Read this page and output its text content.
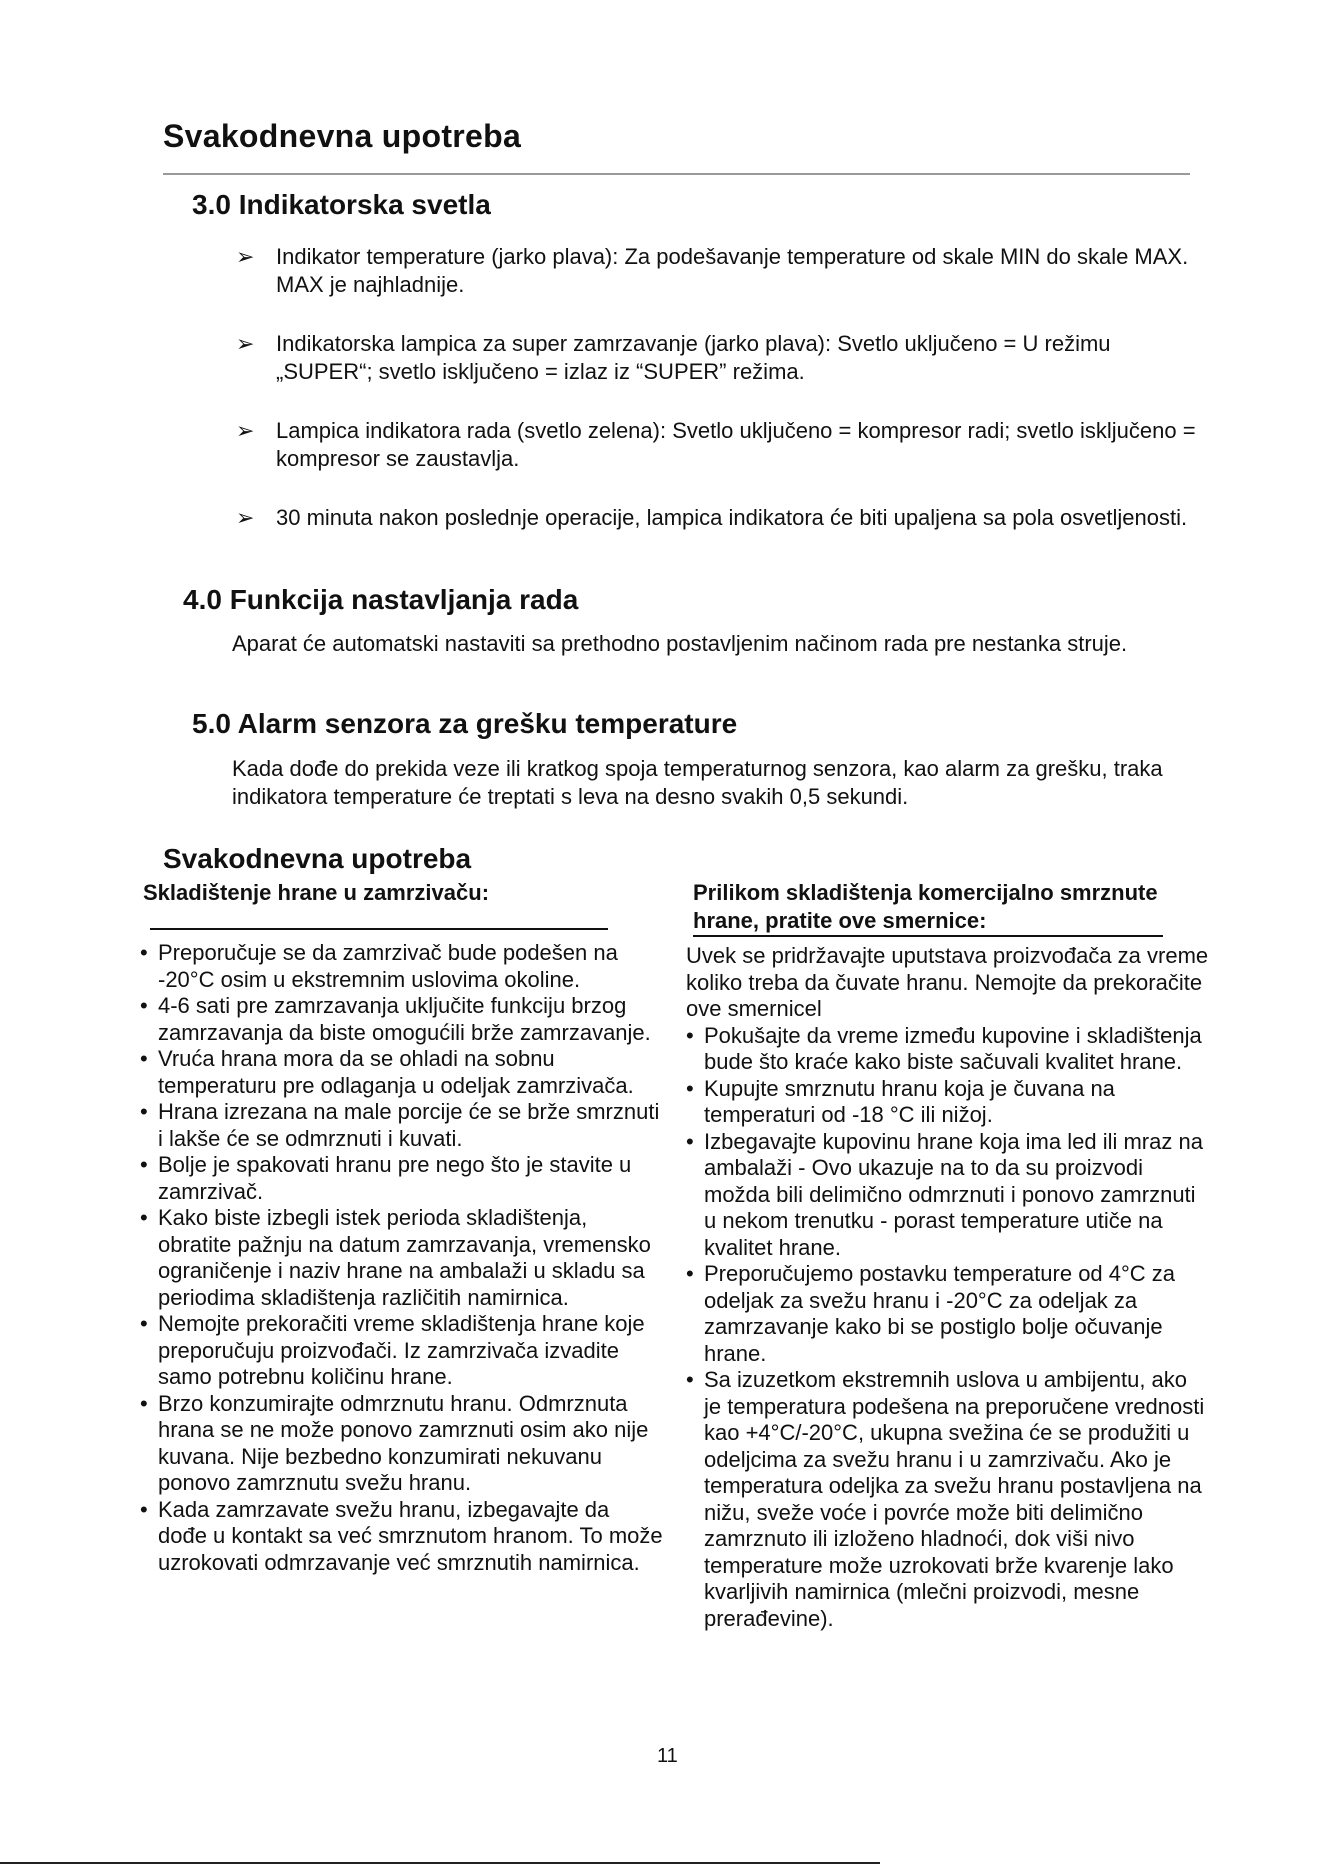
Svakodnevna upotreba
3.0 Indikatorska svetla
➢ Indikator temperature (jarko plava): Za podešavanje temperature od skale MIN do skale MAX. MAX je najhladnije.
➢ Indikatorska lampica za super zamrzavanje (jarko plava): Svetlo uključeno = U režimu „SUPER“; svetlo isključeno = izlaz iz “SUPER” režima.
➢ Lampica indikatora rada (svetlo zelena): Svetlo uključeno = kompresor radi; svetlo isključeno = kompresor se zaustavlja.
➢ 30 minuta nakon poslednje operacije, lampica indikatora će biti upaljena sa pola osvetljenosti.
4.0 Funkcija nastavljanja rada
Aparat će automatski nastaviti sa prethodno postavljenim načinom rada pre nestanka struje.
5.0 Alarm senzora za grešku temperature
Kada dođe do prekida veze ili kratkog spoja temperaturnog senzora, kao alarm za grešku, traka indikatora temperature će treptati s leva na desno svakih 0,5 sekundi.
Svakodnevna upotreba
Skladištenje hrane u zamrzivaču:
• Preporučuje se da zamrzivač bude podešen na -20°C osim u ekstremnim uslovima okoline.
• 4-6 sati pre zamrzavanja uključite funkciju brzog zamrzavanja da biste omogućili brže zamrzavanje.
• Vruća hrana mora da se ohladi na sobnu temperaturu pre odlaganja u odeljak zamrzivača.
• Hrana izrezana na male porcije će se brže smrznuti i lakše će se odmrznuti i kuvati.
• Bolje je spakovati hranu pre nego što je stavite u zamrzivač.
• Kako biste izbegli istek perioda skladištenja, obratite pažnju na datum zamrzavanja, vremensko ograničenje i naziv hrane na ambalaži u skladu sa periodima skladištenja različitih namirnica.
• Nemojte prekoračiti vreme skladištenja hrane koje preporučuju proizvođači. Iz zamrzivača izvadite samo potrebnu količinu hrane.
• Brzo konzumirajte odmrznutu hranu. Odmrznuta hrana se ne može ponovo zamrznuti osim ako nije kuvana. Nije bezbedno konzumirati nekuvanu ponovo zamrznutu svežu hranu.
• Kada zamrzavate svežu hranu, izbegavajte da dođe u kontakt sa već smrznutom hranom. To može uzrokovati odmrzavanje već smrznutih namirnica.
Prilikom skladištenja komercijalno smrznute hrane, pratite ove smernice:
Uvek se pridržavajte uputstava proizvođača za vreme koliko treba da čuvate hranu. Nemojte da prekoračite ove smernicel
• Pokušajte da vreme između kupovine i skladištenja bude što kraće kako biste sačuvali kvalitet hrane.
• Kupujte smrznutu hranu koja je čuvana na temperaturi od -18 °C ili nižoj.
• Izbegavajte kupovinu hrane koja ima led ili mraz na ambalaži - Ovo ukazuje na to da su proizvodi možda bili delimično odmrznuti i ponovo zamrznuti u nekom trenutku - porast temperature utiče na kvalitet hrane.
• Preporučujemo postavku temperature od 4°C za odeljak za svežu hranu i -20°C za odeljak za zamrzavanje kako bi se postiglo bolje očuvanje hrane.
• Sa izuzetkom ekstremnih uslova u ambijentu, ako je temperatura podešena na preporučene vrednosti kao +4°C/-20°C, ukupna svežina će se produžiti u odeljcima za svežu hranu i u zamrzivaču. Ako je temperatura odeljka za svežu hranu postavljena na nižu, sveže voće i povrće može biti delimično zamrznuto ili izloženo hladnoći, dok viši nivo temperature može uzrokovati brže kvarenje lako kvarljivih namirnica (mlečni proizvodi, mesne prerađevine).
11
